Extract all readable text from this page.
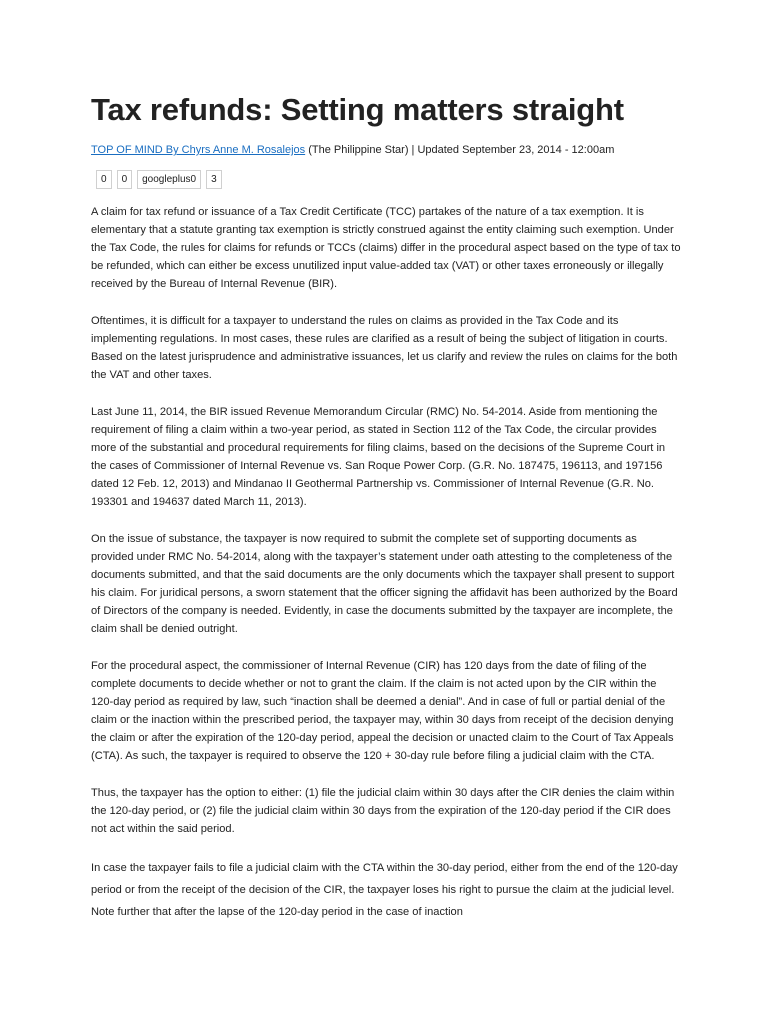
Tax refunds: Setting matters straight
TOP OF MIND By Chyrs Anne M. Rosalejos (The Philippine Star) | Updated September 23, 2014 - 12:00am
0	0	googleplus0	3

A claim for tax refund or issuance of a Tax Credit Certificate (TCC) partakes of the nature of a tax exemption. It is elementary that a statute granting tax exemption is strictly construed against the entity claiming such exemption. Under the Tax Code, the rules for claims for refunds or TCCs (claims) differ in the procedural aspect based on the type of tax to be refunded, which can either be excess unutilized input value-added tax (VAT) or other taxes erroneously or illegally received by the Bureau of Internal Revenue (BIR).

Oftentimes, it is difficult for a taxpayer to understand the rules on claims as provided in the Tax Code and its implementing regulations. In most cases, these rules are clarified as a result of being the subject of litigation in courts. Based on the latest jurisprudence and administrative issuances, let us clarify and review the rules on claims for the both the VAT and other taxes.

Last June 11, 2014, the BIR issued Revenue Memorandum Circular (RMC) No. 54-2014. Aside from mentioning the requirement of filing a claim within a two-year period, as stated in Section 112 of the Tax Code, the circular provides more of the substantial and procedural requirements for filing claims, based on the decisions of the Supreme Court in the cases of Commissioner of Internal Revenue vs. San Roque Power Corp. (G.R. No. 187475, 196113, and 197156 dated 12 Feb. 12, 2013) and Mindanao II Geothermal Partnership vs. Commissioner of Internal Revenue (G.R. No. 193301 and 194637 dated March 11, 2013).

On the issue of substance, the taxpayer is now required to submit the complete set of supporting documents as provided under RMC No. 54-2014, along with the taxpayer’s statement under oath attesting to the completeness of the documents submitted, and that the said documents are the only documents which the taxpayer shall present to support his claim. For juridical persons, a sworn statement that the officer signing the affidavit has been authorized by the Board of Directors of the company is needed. Evidently, in case the documents submitted by the taxpayer are incomplete, the claim shall be denied outright.

For the procedural aspect, the commissioner of Internal Revenue (CIR) has 120 days from the date of filing of the complete documents to decide whether or not to grant the claim. If the claim is not acted upon by the CIR within the 120-day period as required by law, such “inaction shall be deemed a denial”. And in case of full or partial denial of the claim or the inaction within the prescribed period, the taxpayer may, within 30 days from receipt of the decision denying the claim or after the expiration of the 120-day period, appeal the decision or unacted claim to the Court of Tax Appeals (CTA). As such, the taxpayer is required to observe the 120 + 30-day rule before filing a judicial claim with the CTA.

Thus, the taxpayer has the option to either: (1) file the judicial claim within 30 days after the CIR denies the claim within the 120-day period, or (2) file the judicial claim within 30 days from the expiration of the 120-day period if the CIR does not act within the said period.

In case the taxpayer fails to file a judicial claim with the CTA within the 30-day period, either from the end of the 120-day period or from the receipt of the decision of the CIR, the taxpayer loses his right to pursue the claim at the judicial level. Note further that after the lapse of the 120-day period in the case of inaction
